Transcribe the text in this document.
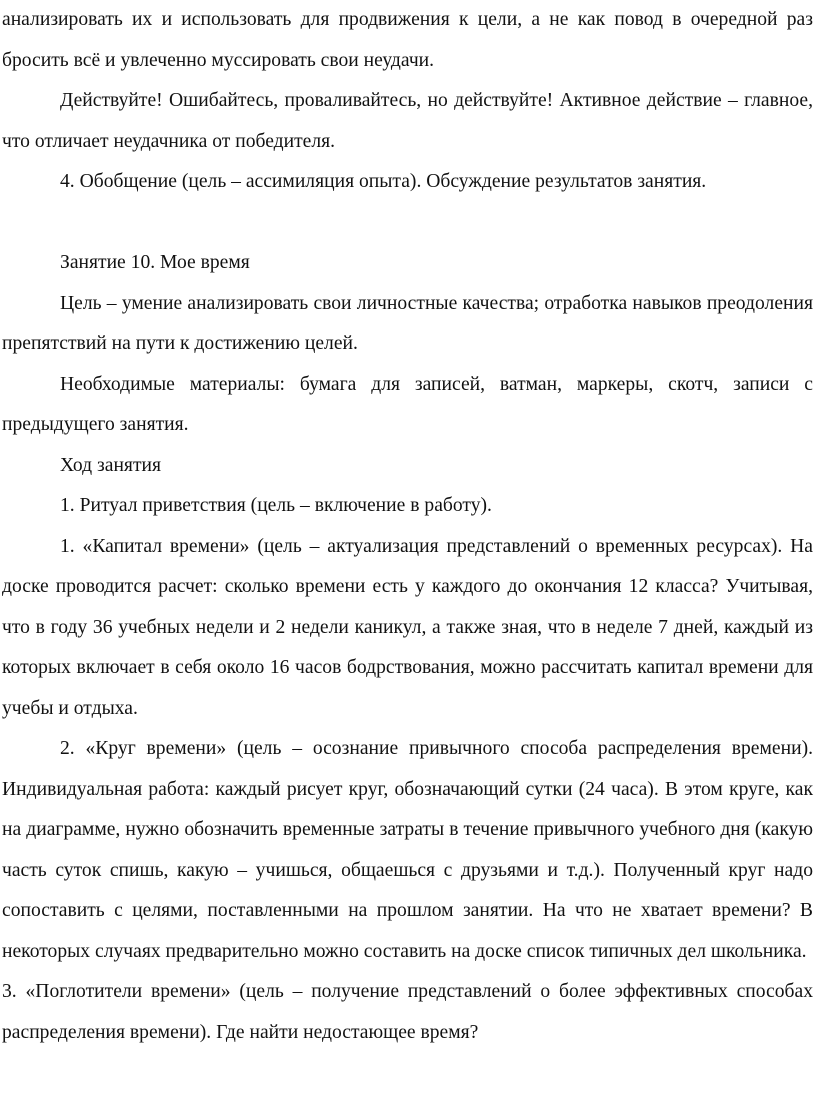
анализировать их и использовать для продвижения к цели, а не как повод в очередной раз бросить всё и увлеченно муссировать свои неудачи.

Действуйте! Ошибайтесь, проваливайтесь, но действуйте! Активное действие – главное, что отличает неудачника от победителя.

4. Обобщение (цель – ассимиляция опыта). Обсуждение результатов занятия.

Занятие 10. Мое время

Цель – умение анализировать свои личностные качества; отработка навыков преодоления препятствий на пути к достижению целей.

Необходимые материалы: бумага для записей, ватман, маркеры, скотч, записи с предыдущего занятия.

Ход занятия

1. Ритуал приветствия (цель – включение в работу).

1. «Капитал времени» (цель – актуализация представлений о временных ресурсах). На доске проводится расчет: сколько времени есть у каждого до окончания 12 класса? Учитывая, что в году 36 учебных недели и 2 недели каникул, а также зная, что в неделе 7 дней, каждый из которых включает в себя около 16 часов бодрствования, можно рассчитать капитал времени для учебы и отдыха.

2. «Круг времени» (цель – осознание привычного способа распределения времени). Индивидуальная работа: каждый рисует круг, обозначающий сутки (24 часа). В этом круге, как на диаграмме, нужно обозначить временные затраты в течение привычного учебного дня (какую часть суток спишь, какую – учишься, общаешься с друзьями и т.д.). Полученный круг надо сопоставить с целями, поставленными на прошлом занятии. На что не хватает времени? В некоторых случаях предварительно можно составить на доске список типичных дел школьника.

3. «Поглотители времени» (цель – получение представлений о более эффективных способах распределения времени). Где найти недостающее время?
